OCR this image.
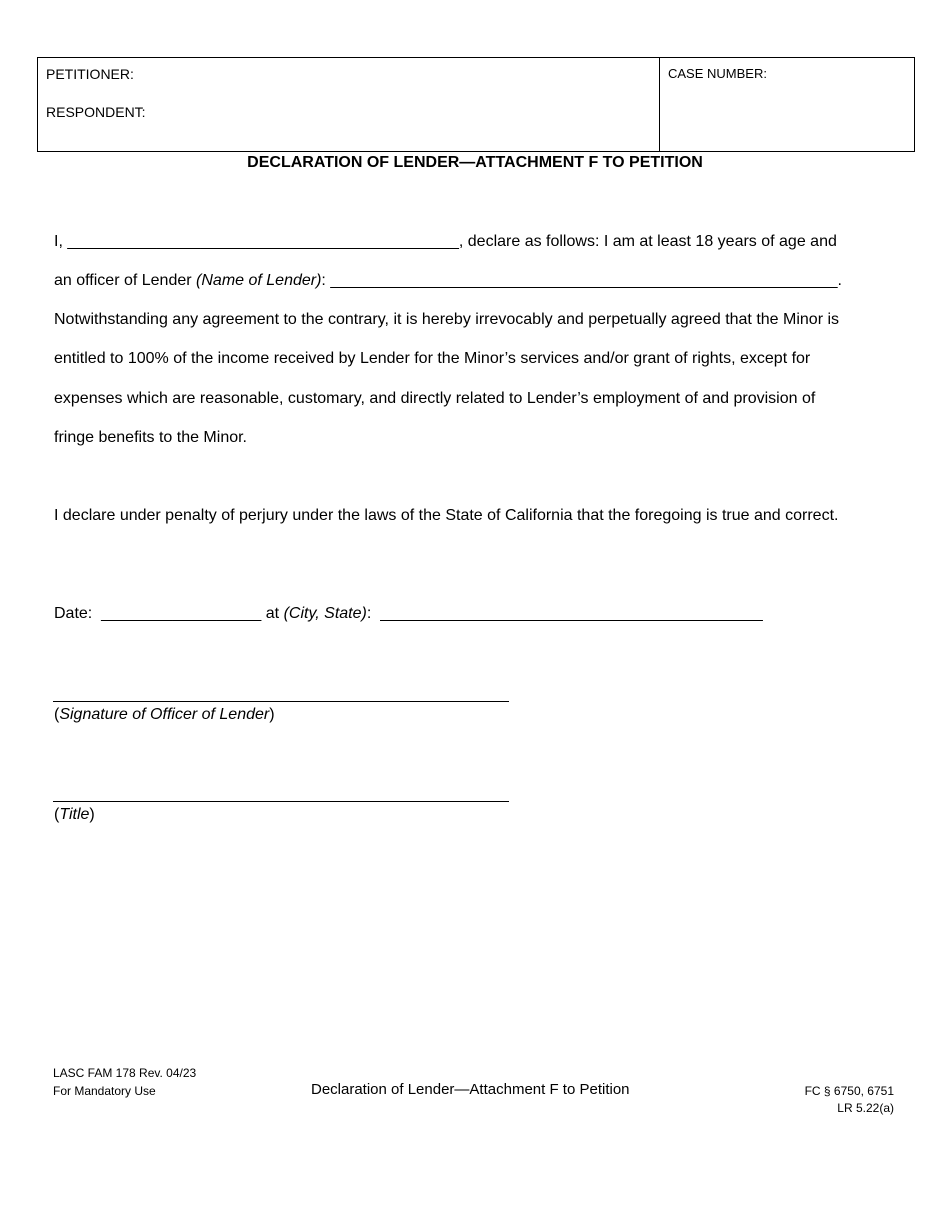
PETITIONER:
RESPONDENT:
CASE NUMBER:
DECLARATION OF LENDER—ATTACHMENT F TO PETITION
I, ____________________________________________, declare as follows: I am at least 18 years of age and
an officer of Lender (Name of Lender): _________________________________________________________.
Notwithstanding any agreement to the contrary, it is hereby irrevocably and perpetually agreed that the Minor is
entitled to 100% of the income received by Lender for the Minor’s services and/or grant of rights, except for
expenses which are reasonable, customary, and directly related to Lender’s employment of and provision of
fringe benefits to the Minor.
I declare under penalty of perjury under the laws of the State of California that the foregoing is true and correct.
Date: __________________ at (City, State): ___________________________________________
(Signature of Officer of Lender)
(Title)
LASC FAM 178 Rev. 04/23
For Mandatory Use	Declaration of Lender—Attachment F to Petition	FC § 6750, 6751
LR 5.22(a)
